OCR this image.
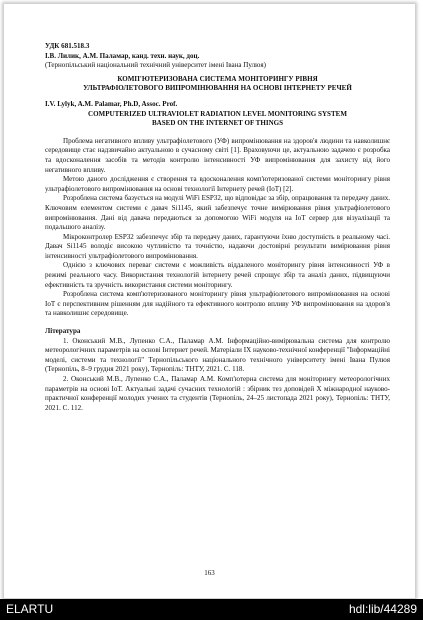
УДК 681.518.3

І.В. Лилик, А.М. Паламар, канд. техн. наук, доц.

(Тернопільський національний технічний університет імені Івана Пулюя)

КОМП'ЮТЕРИЗОВАНА СИСТЕМА МОНІТОРИНГУ РІВНЯ

УЛЬТРАФІОЛЕТОВОГО ВИПРОМІНЮВАННЯ НА ОСНОВІ ІНТЕРНЕТУ РЕЧЕЙ

I.V. Lylyk, A.M. Palamar, Ph.D, Assoc. Prof.

COMPUTERIZED ULTRAVIOLET RADIATION LEVEL MONITORING SYSTEM

BASED ON THE INTERNET OF THINGS

Проблема негативного впливу ультрафіолетового (УФ) випромінювання на здоров'я людини та навколишнє середовище стає надзвичайно актуальною в сучасному світі [1]. Враховуючи це, актуальною задачею є розробка та вдосконалення засобів та методів контролю інтенсивності УФ випромінювання для захисту від його негативного впливу.

Метою даного дослідження є створення та вдосконалення комп'ютеризованої системи моніторингу рівня ультрафіолетового випромінювання на основі технології Інтернету речей (IoT) [2].

Розроблена система базується на модулі WiFi ESP32, що відповідає за збір, опрацювання та передачу даних. Ключовим елементом системи є давач Si1145, який забезпечує точне вимірювання рівня ультрафіолетового випромінювання. Дані від давача передаються за допомогою WiFi модуля на IoT сервер для візуалізації та подальшого аналізу.

Мікроконтролер ESP32 забезпечує збір та передачу даних, гарантуючи їхню доступність в реальному часі. Давач Si1145 володіє високою чутливістю та точністю, надаючи достовірні результати вимірювання рівня інтенсивності ультрафіолетового випромінювання.

Однією з ключових переваг системи є можливість віддаленого моніторингу рівня інтенсивності УФ в режимі реального часу. Використання технологій інтернету речей спрощує збір та аналіз даних, підвищуючи ефективність та зручність використання системи моніторингу.

Розроблена система комп'ютеризованого моніторингу рівня ультрафіолетового випромінювання на основі IoT є перспективним рішенням для надійного та ефективного контролю впливу УФ випромінювання на здоров'я та навколишнє середовище.

Література

1. Оконський М.В., Лупенко С.А., Паламар А.М. Інформаційно-вимірювальна система для контролю метеорологічних параметрів на основі Інтернет речей. Матеріали IX науково-технічної конференції "Інформаційні моделі, системи та технології" Тернопільського національного технічного університету імені Івана Пулюя (Тернопіль, 8–9 грудня 2021 року), Тернопіль: ТНТУ, 2021. С. 118.

2. Оконський М.В., Лупенко С.А., Паламар А.М. Комп'ютерна система для моніторингу метеорологічних параметрів на основі IoT. Актуальні задачі сучасних технологій : збірник тез доповідей X міжнародної науково-практичної конференції молодих учених та студентів (Тернопіль, 24–25 листопада 2021 року), Тернопіль: ТНТУ, 2021. С. 112.

163
ELARTU	hdl:lib/44289
